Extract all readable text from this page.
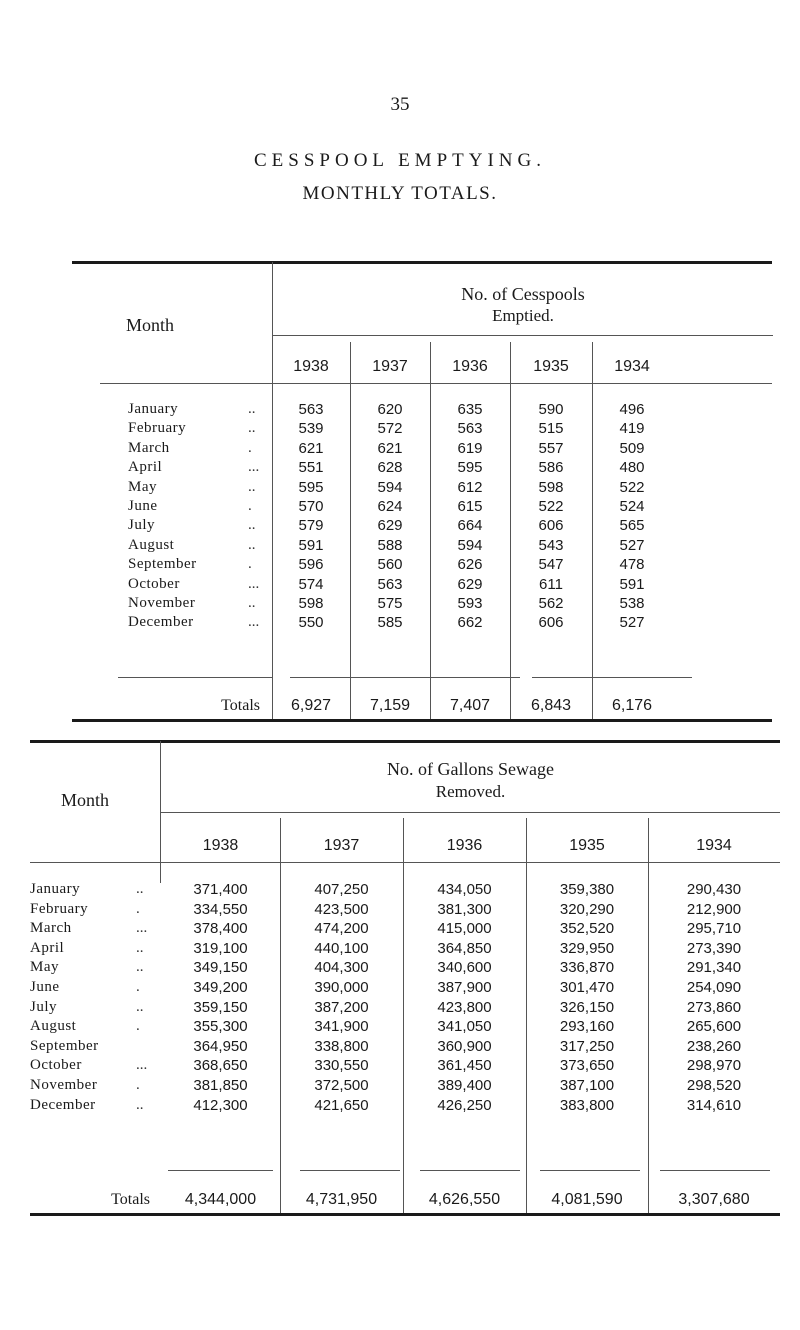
35
CESSPOOL EMPTYING.
MONTHLY TOTALS.
Month
No. of Cesspools
Emptied.
1938	1937	1936	1935	1934
January	..	563	620	635	590	496
February	..	539	572	563	515	419
March	.	621	621	619	557	509
April	...	551	628	595	586	480
May	..	595	594	612	598	522
June	.	570	624	615	522	524
July	..	579	629	664	606	565
August	..	591	588	594	543	527
September	.	596	560	626	547	478
October	...	574	563	629	611	591
November	..	598	575	593	562	538
December	...	550	585	662	606	527
Totals	6,927	7,159	7,407	6,843	6,176
Month
No. of Gallons Sewage
Removed.
1938	1937	1936	1935	1934
January	..	371,400	407,250	434,050	359,380	290,430
February	.	334,550	423,500	381,300	320,290	212,900
March	...	378,400	474,200	415,000	352,520	295,710
April	..	319,100	440,100	364,850	329,950	273,390
May	..	349,150	404,300	340,600	336,870	291,340
June	.	349,200	390,000	387,900	301,470	254,090
July	..	359,150	387,200	423,800	326,150	273,860
August	.	355,300	341,900	341,050	293,160	265,600
September	364,950	338,800	360,900	317,250	238,260
October	...	368,650	330,550	361,450	373,650	298,970
November	.	381,850	372,500	389,400	387,100	298,520
December	..	412,300	421,650	426,250	383,800	314,610
Totals	4,344,000	4,731,950	4,626,550	4,081,590	3,307,680
